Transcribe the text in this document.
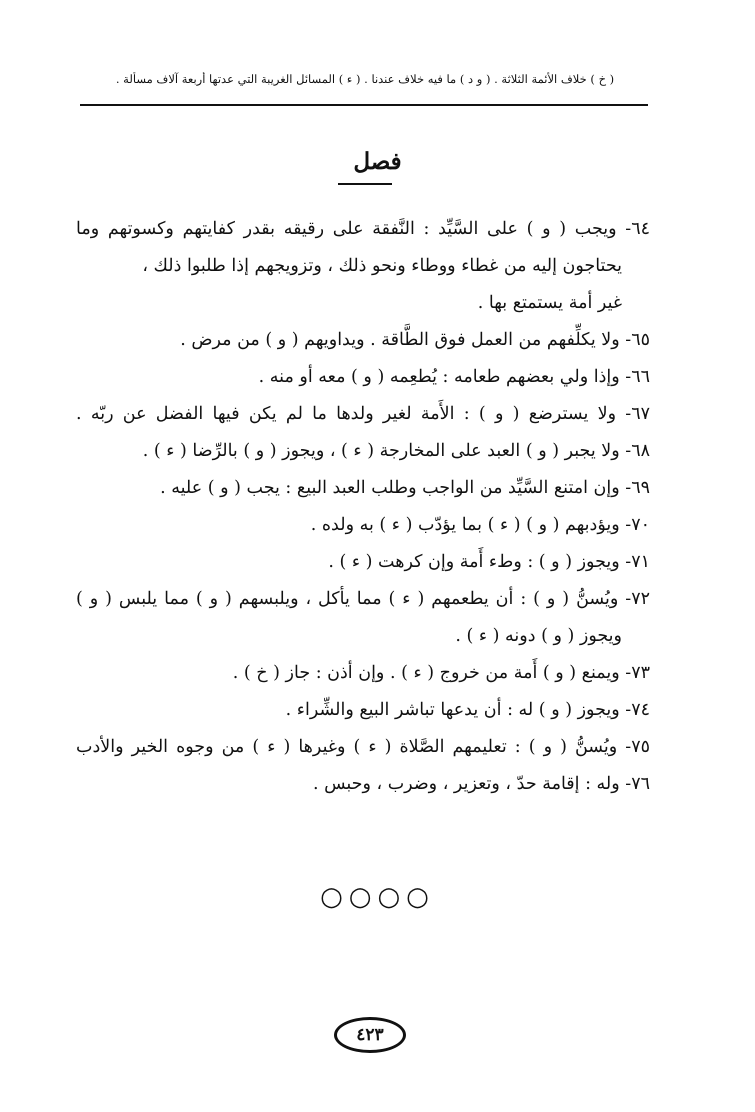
( خ ) خلاف الأئمة الثلاثة . ( و د ) ما فيه خلاف عندنا . ( ء ) المسائل الغريبة التي عدتها أربعة آلاف مسألة .
فصل
٦٤- ويجب ( و ) على السَّيِّد : النَّفقة على رقيقه بقدر كفايتهم وكسوتهم وما
يحتاجون إليه من غطاء ووطاء ونحو ذلك ، وتزويجهم إذا طلبوا ذلك ،
غير أمة يستمتع بها .
٦٥- ولا يكلِّفهم من العمل فوق الطَّاقة . ويداويهم ( و ) من مرض .
٦٦- وإذا ولي بعضهم طعامه : يُطعِمه ( و ) معه أو منه .
٦٧- ولا يسترضع ( و ) : الأَمة لغير ولدها ما لم يكن فيها الفضل عن ربّه .
٦٨- ولا يجبر ( و ) العبد على المخارجة ( ء ) ، ويجوز ( و ) بالرِّضا ( ء ) .
٦٩- وإن امتنع السَّيِّد من الواجب وطلب العبد البيع : يجب ( و ) عليه .
٧٠- ويؤدبهم ( و ) ( ء ) بما يؤدّب ( ء ) به ولده .
٧١- ويجوز ( و ) : وطء أَمة وإن كرهت ( ء ) .
٧٢- ويُسنُّ ( و ) : أن يطعمهم ( ء ) مما يأكل ، ويلبسهم ( و ) مما يلبس ( و )
ويجوز ( و ) دونه ( ء ) .
٧٣- ويمنع ( و ) أَمة من خروج ( ء ) . وإن أذن : جاز ( خ ) .
٧٤- ويجوز ( و ) له : أن يدعها تباشر البيع والشِّراء .
٧٥- ويُسنُّ ( و ) : تعليمهم الصَّلاة ( ء ) وغيرها ( ء ) من وجوه الخير والأدب
٧٦- وله : إقامة حدّ ، وتعزير ، وضرب ، وحبس .
○○○○
٤٢٣
